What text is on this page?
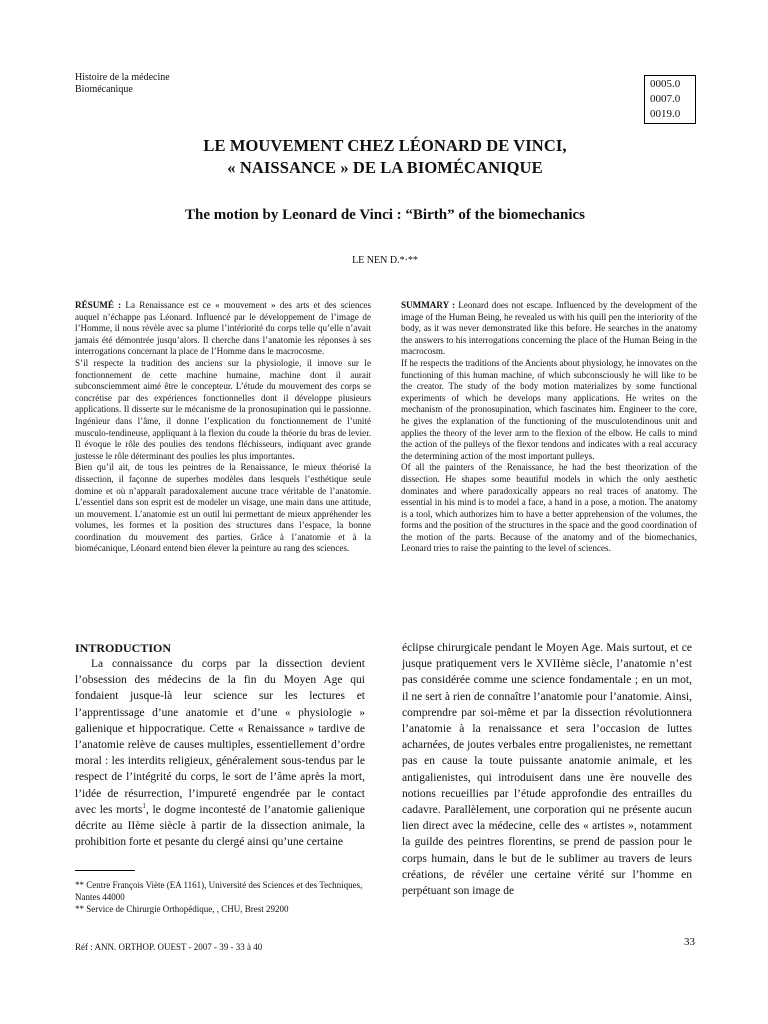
Histoire de la médecine
Biomécanique	0005.0
0007.0
0019.0
LE MOUVEMENT CHEZ LÉONARD DE VINCI,
« NAISSANCE » DE LA BIOMÉCANIQUE
The motion by Leonard de Vinci : “Birth” of the biomechanics
LE NEN D.*·**

RÉSUMÉ : La Renaissance est ce « mouvement » des arts et des sciences auquel n’échappe pas Léonard. Influencé par le développement de l’image de l’Homme, il nous révèle avec sa plume l’intériorité du corps telle qu’elle n’avait jamais été démontrée jusqu’alors. Il cherche dans l’anatomie les réponses à ses interrogations concernant la place de l’Homme dans le macrocosme.

S’il respecte la tradition des anciens sur la physiologie, il innove sur le fonctionnement de cette machine humaine, machine dont il aurait subconsciemment aimé être le concepteur. L’étude du mouvement des corps se concrétise par des expériences fonctionnelles dont il développe plusieurs applications. Il disserte sur le mécanisme de la pronosupination qui le passionne. Ingénieur dans l’âme, il donne l’explication du fonctionnement de l’unité musculo-tendineuse, appliquant à la flexion du coude la théorie du bras de levier. Il évoque le rôle des poulies des tendons fléchisseurs, indiquant avec grande justesse le rôle déterminant des poulies les plus importantes.

Bien qu’il ait, de tous les peintres de la Renaissance, le mieux théorisé la dissection, il façonne de superbes modèles dans lesquels l’esthétique seule domine et où n’apparaît paradoxalement aucune trace véritable de l’anatomie. L’essentiel dans son esprit est de modeler un visage, une main dans une attitude, un mouvement. L’anatomie est un outil lui permettant de mieux appréhender les volumes, les formes et la position des structures dans l’espace, la bonne coordination du mouvement des parties. Grâce à l’anatomie et à la biomécanique, Léonard entend bien élever la peinture au rang des sciences.

SUMMARY : Leonard does not escape. Influenced by the development of the image of the Human Being, he revealed us with his quill pen the interiority of the body, as it was never demonstrated like this before. He searches in the anatomy the answers to his interrogations concerning the place of the Human Being in the macrocosm.

If he respects the traditions of the Ancients about physiology, he innovates on the functioning of this human machine, of which subconsciously he will like to be the creator. The study of the body motion materializes by some functional experiments of which he develops many applications. He writes on the mechanism of the pronosupination, which fascinates him. Engineer to the core, he gives the explanation of the functioning of the musculotendinous unit and applies the theory of the lever arm to the flexion of the elbow. He calls to mind the action of the pulleys of the flexor tendons and indicates with a real accuracy the determining action of the most important pulleys.

Of all the painters of the Renaissance, he had the best theorization of the dissection. He shapes some beautiful models in which the only aesthetic dominates and where paradoxically appears no real traces of anatomy. The essential in his mind is to model a face, a hand in a pose, a motion. The anatomy is a tool, which authorizes him to have a better apprehension of the volumes, the forms and the position of the structures in the space and the good coordination of the motion of the parts. Because of the anatomy and of the biomechanics, Leonard tries to raise the painting to the level of sciences.

INTRODUCTION

La connaissance du corps par la dissection devient l’obsession des médecins de la fin du Moyen Age qui fondaient jusque-là leur science sur les lectures et l’apprentissage d’une anatomie et d’une « physiologie » galienique et hippocratique. Cette « Renaissance » tardive de l’anatomie relève de causes multiples, essentiellement d’ordre moral : les interdits religieux, généralement sous-tendus par le respect de l’intégrité du corps, le sort de l’âme après la mort, l’idée de résurrection, l’impureté engendrée par le contact avec les morts$^1$, le dogme incontesté de l’anatomie galienique décrite au IIème siècle à partir de la dissection animale, la prohibition forte et pesante du clergé ainsi qu’une certaine

éclipse chirurgicale pendant le Moyen Age. Mais surtout, et ce jusque pratiquement vers le XVIIème siècle, l’anatomie n’est pas considérée comme une science fondamentale ; en un mot, il ne sert à rien de connaître l’anatomie pour l’anatomie. Ainsi, comprendre par soi-même et par la dissection révolutionnera l’anatomie à la renaissance et sera l’occasion de luttes acharnées, de joutes verbales entre progalienistes, ne remettant pas en cause la toute puissante anatomie animale, et les antigalienistes, qui introduisent dans une ère nouvelle des notions recueillies par l’étude approfondie des entrailles du cadavre. Parallèlement, une corporation qui ne présente aucun lien direct avec la médecine, celle des « artistes », notamment la guilde des peintres florentins, se prend de passion pour le corps humain, dans le but de le sublimer au travers de leurs créations, de révéler une certaine vérité sur l’homme en perpétuant son image de

** Centre François Viète (EA 1161), Université des Sciences et des Techniques, Nantes 44000

** Service de Chirurgie Orthopédique, , CHU, Brest 29200

Réf : ANN. ORTHOP. OUEST - 2007 - 39 - 33 à 40	33
